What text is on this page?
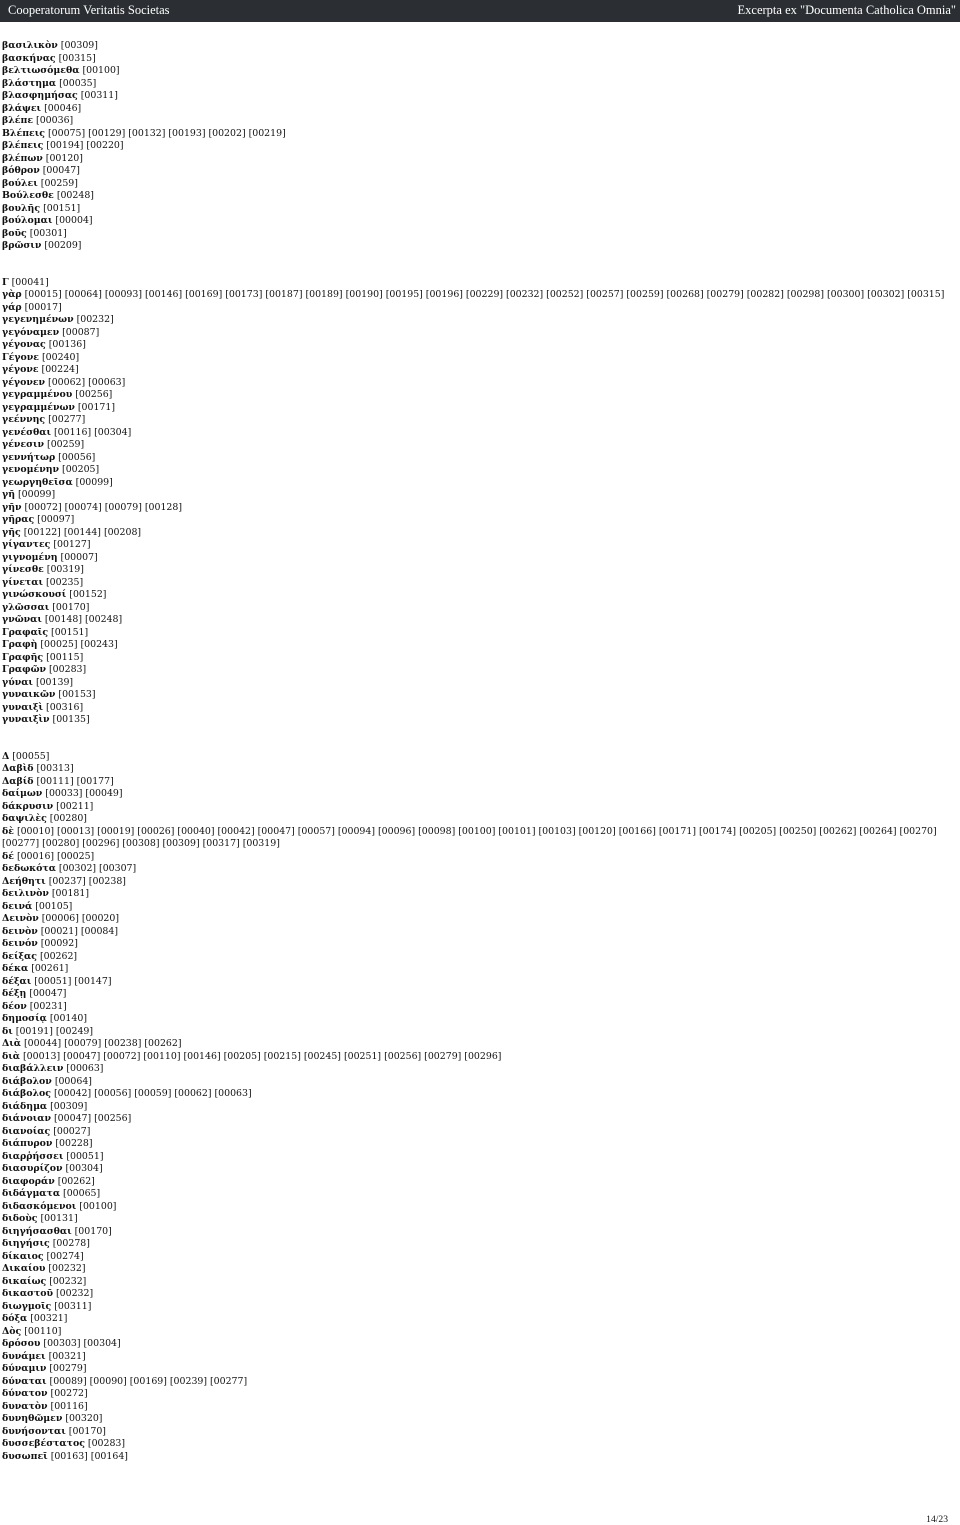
Cooperatorum Veritatis Societas	Excerpta ex "Documenta Catholica Omnia"
βασιλικὸν [00309]
βασκήνας [00315]
βελτιωσόμεθα [00100]
βλάστημα [00035]
βλασφημήσας [00311]
βλάψει [00046]
βλέπε [00036]
Βλέπεις [00075] [00129] [00132] [00193] [00202] [00219]
βλέπεις [00194] [00220]
βλέπων [00120]
βόθρον [00047]
βούλει [00259]
Βούλεσθε [00248]
βουλῆς [00151]
βούλομαι [00004]
βοῦς [00301]
βρῶσιν [00209]
Γ [00041]
γὰρ [00015] [00064] [00093] [00146] [00169] [00173] [00187] [00189] [00190] [00195] [00196] [00229] [00232] [00252] [00257] [00259] [00268] [00279] [00282] [00298] [00300] [00302] [00315]
γάρ [00017]
γεγενημένων [00232]
γεγόναμεν [00087]
γέγονας [00136]
Γέγονε [00240]
γέγονε [00224]
γέγονεν [00062] [00063]
γεγραμμένου [00256]
γεγραμμένων [00171]
γεέννης [00277]
γενέσθαι [00116] [00304]
γένεσιν [00259]
γεννήτωρ [00056]
γενομένην [00205]
γεωργηθεῖσα [00099]
γῆ [00099]
γῆν [00072] [00074] [00079] [00128]
γῆρας [00097]
γῆς [00122] [00144] [00208]
γίγαντες [00127]
γιγνομένη [00007]
γίνεσθε [00319]
γίνεται [00235]
γινώσκουσί [00152]
γλῶσσαι [00170]
γνῶναι [00148] [00248]
Γραφαῖς [00151]
Γραφὴ [00025] [00243]
Γραφῆς [00115]
Γραφῶν [00283]
γύναι [00139]
γυναικῶν [00153]
γυναιξὶ [00316]
γυναιξὶν [00135]
Δ [00055]
Δαβὶδ [00313]
Δαβίδ [00111] [00177]
δαίμων [00033] [00049]
δάκρυσιν [00211]
δαψιλὲς [00280]
δὲ [00010] [00013] [00019] [00026] [00040] [00042] [00047] [00057] [00094] [00096] [00098] [00100] [00101] [00103] [00120] [00166] [00171] [00174] [00205] [00250] [00262] [00264] [00270] [00277] [00280] [00296] [00308] [00309] [00317] [00319]
δέ [00016] [00025]
δεδωκότα [00302] [00307]
Δεήθητι [00237] [00238]
δειλινὸν [00181]
δεινά [00105]
Δεινὸν [00006] [00020]
δεινὸν [00021] [00084]
δεινόν [00092]
δείξας [00262]
δέκα [00261]
δέξαι [00051] [00147]
δέξῃ [00047]
δέον [00231]
δημοσίᾳ [00140]
δι [00191] [00249]
Διὰ [00044] [00079] [00238] [00262]
διὰ [00013] [00047] [00072] [00110] [00146] [00205] [00215] [00245] [00251] [00256] [00279] [00296]
διαβάλλειν [00063]
διάβολον [00064]
διάβολος [00042] [00056] [00059] [00062] [00063]
διάδημα [00309]
διάνοιαν [00047] [00256]
διανοίας [00027]
διάπυρον [00228]
διαρῥήσσει [00051]
διασυρίζον [00304]
διαφοράν [00262]
διδάγματα [00065]
διδασκόμενοι [00100]
διδοὺς [00131]
διηγήσασθαι [00170]
διηγήσις [00278]
δίκαιος [00274]
Δικαίου [00232]
δικαίως [00232]
δικαστοῦ [00232]
διωγμοῖς [00311]
δόξα [00321]
Δὸς [00110]
δρόσου [00303] [00304]
δυνάμει [00321]
δύναμιν [00279]
δύναται [00089] [00090] [00169] [00239] [00277]
δύνατον [00272]
δυνατὸν [00116]
δυνηθῶμεν [00320]
δυνήσονται [00170]
δυσσεβέστατος [00283]
δυσωπεῖ [00163] [00164]
14/23
